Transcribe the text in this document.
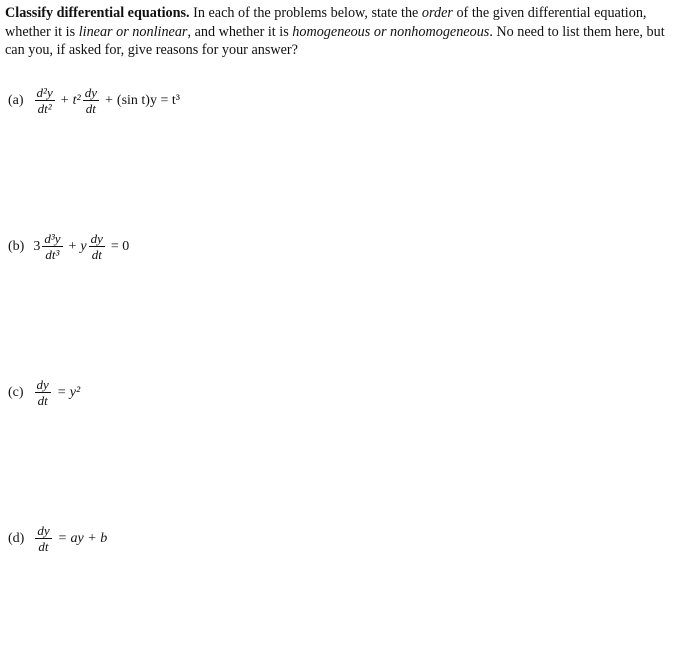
Classify differential equations. In each of the problems below, state the order of the given differential equation, whether it is linear or nonlinear, and whether it is homogeneous or nonhomogeneous. No need to list them here, but can you, if asked for, give reasons for your answer?
$(a) \frac{\text{d²y}}{\text{dt²}} + t^2 \frac{dy}{dt} + (\sin$ t)y = t³
(b) $3 \frac{\text{d³y}}{\text{dt³}} + y \frac{dy}{dt} = 0$
$(c) \frac{dy}{dt} = y^2$
$(d) \frac{dy}{dt}$ = ay + b
